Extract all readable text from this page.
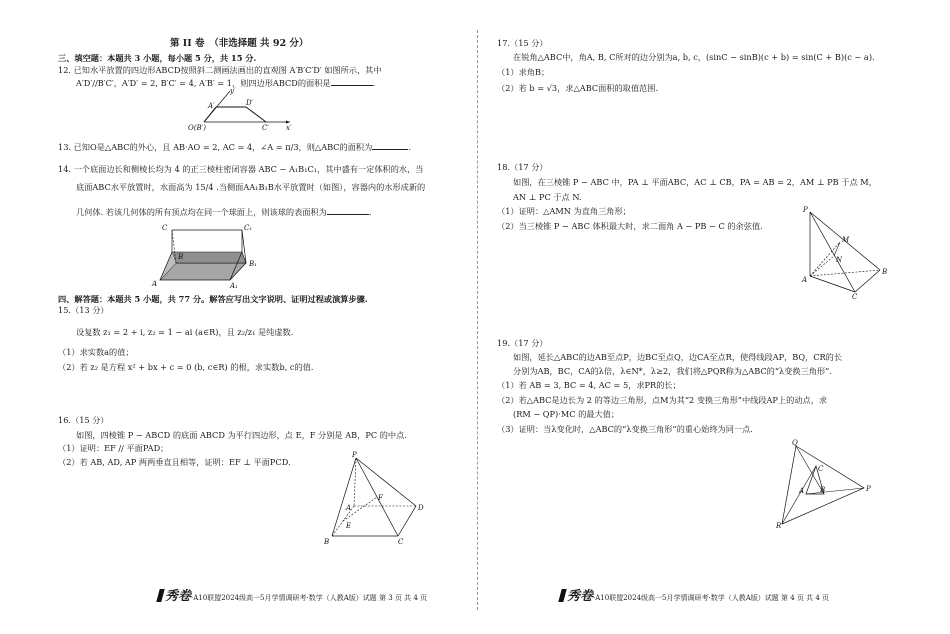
第 II 卷　（非选择题 共 92 分）
三、填空题：本题共 3 小题，每小题 5 分，共 15 分.
12. 已知水平放置的四边形ABCD按照斜二测画法画出的直观图 A′B′C′D′ 如图所示，其中
A′D′//B′C′，A′D′ = 2, B′C′ = 4, A′B′ = 1，则四边形ABCD的面积是	.
O(B′)
A′	D′
C′ x′
y′
13. 已知O是△ABC的外心，且 AB·AO = 2, AC = 4，∠A = π/3，则△ABC的面积为	.
14. 一个底面边长和侧棱长均为 4 的正三棱柱密闭容器 ABC − A₁B₁C₁，其中盛有一定体积的水，当
底面ABC水平放置时，水面高为 15/4 .当侧面AA₁B₁B水平放置时（如图），容器内的水形成新的
几何体. 若该几何体的所有顶点均在同一个球面上，则该球的表面积为	.
C	C₁
B
B₁
A	A₁
四、解答题：本题共 5 小题，共 77 分。解答应写出文字说明、证明过程或演算步骤.
15.（13 分）
设复数 z₁ = 2 + i, z₂ = 1 − ai (a∈R)，且 z₂/z₁ 是纯虚数.
（1）求实数a的值；
（2）若 z₂ 是方程 x² + bx + c = 0 (b, c∈R) 的根，求实数b, c的值.
16.（15 分）
如图，四棱锥 P − ABCD 的底面 ABCD 为平行四边形，点 E，F 分别是 AB，PC 的中点.
（1）证明：EF // 平面PAD；
（2）若 AB, AD, AP 两两垂直且相等，证明：EF ⊥ 平面PCD.
P
A
B	C
D
E
F
秀卷·A10联盟2024级高一5月学情调研考·数学（人教A版）试题 第 3 页 共 4 页
17.（15 分）
在锐角△ABC中，角A, B, C所对的边分别为a, b, c，(sinC − sinB)(c + b) = sin(C + B)(c − a).
（1）求角B；
（2）若 b = √3，求△ABC面积的取值范围.
18.（17 分）
如图，在三棱锥 P − ABC 中，PA ⊥ 平面ABC，AC ⊥ CB，PA = AB = 2，AM ⊥ PB 于点 M，
AN ⊥ PC 于点 N.
（1）证明：△AMN 为直角三角形；
（2）当三棱锥 P − ABC 体积最大时，求二面角 A − PB − C 的余弦值.
P
M
N
A
B
C
19.（17 分）
如图，延长△ABC的边AB至点P，边BC至点Q，边CA至点R，使得线段AP，BQ，CR的长
分别为AB，BC，CA的λ倍，λ∈N*，λ≥2，我们将△PQR称为△ABC的“λ变换三角形”.
（1）若 AB = 3, BC = 4, AC = 5，求PR的长；
（2）若△ABC是边长为 2 的等边三角形，点M为其“2 变换三角形”中线段AP上的动点，求
(RM − QP)·MC 的最大值；
（3）证明：当λ变化时，△ABC的“λ变换三角形”的重心始终为同一点.
Q
C
A B	P
R
秀卷·A10联盟2024级高一5月学情调研考·数学（人教A版）试题 第 4 页 共 4 页
